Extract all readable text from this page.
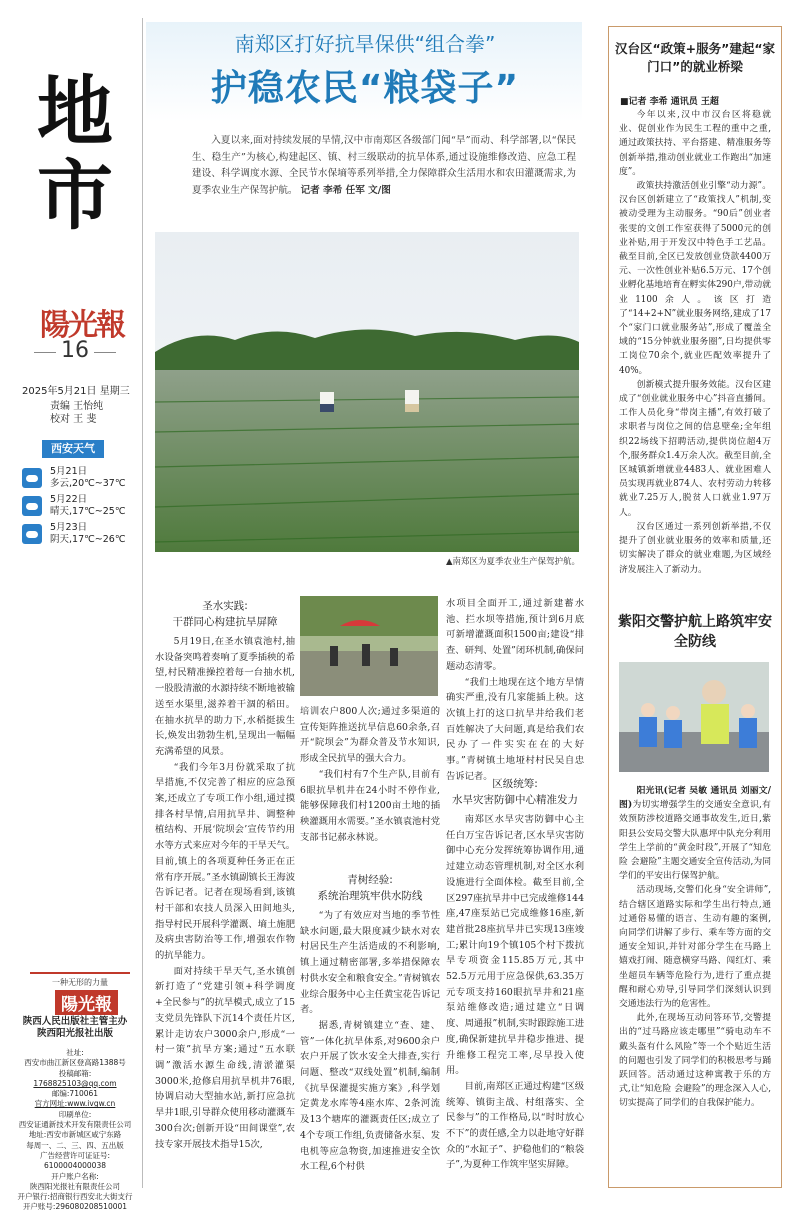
地市
陽光報
16
2025年5月21日 星期三
责编 王怡纯
校对 王 斐
西安天气
5月21日
多云,20℃~37℃
5月22日
晴天,17℃~25℃
5月23日
阴天,17℃~26℃
一种无形的力量
陽光報
陕西人民出版社主管主办
陕西阳光报社出版
社址:
西安市曲江新区登高路1388号
投稿邮箱:
1768825103@qq.com
邮编:710061
官方网址:www.ivgw.cn
印刷单位:
西安证通新技术开发有限责任公司
地址:西安市新城区咸宁东路
每周一、二、三、四、五出版
广告经营许可证证号:
6100004000038
开户账户名称:
陕西阳光报社有限责任公司
开户银行:招商银行西安北大街支行
开户账号:296080208510001
南郑区打好抗旱保供“组合拳”
护稳农民“粮袋子”
入夏以来,面对持续发展的旱情,汉中市南郑区各级部门闻“旱”而动、科学部署,以“保民生、稳生产”为核心,构建起区、镇、村三级联动的抗旱体系,通过设施维修改造、应急工程建设、科学调度水源、全民节水保墒等系列举措,全力保障群众生活用水和农田灌溉需求,为夏季农业生产保驾护航。 记者 李希 任军 文/图
▲南郑区为夏季农业生产保驾护航。
圣水实践:
干群同心构建抗旱屏障

5月19日,在圣水镇袁池村,抽水设备突鸣着奏响了夏季插秧的希望,村民精准操控着每一台抽水机,一股股清澈的水源持续不断地被输送至水渠里,滋养着干涸的稻田。在抽水抗旱的助力下,水稻挺拔生长,焕发出勃勃生机,呈现出一幅幅充满希望的风景。

“我们今年3月份就采取了抗旱措施,不仅完善了相应的应急预案,还成立了专项工作小组,通过摸排各村旱情,启用抗旱井、调整种植结构、开展‘院坝会’宣传节约用水等方式来应对今年的干旱天气。目前,镇上的各项夏种任务正在正常有序开展。”圣水镇副镇长王海波告诉记者。记者在现场看到,该镇村干部和农技人员深入田间地头,指导村民开展科学灌溉、墒土施肥及病虫害防治等工作,增强农作物的抗旱能力。

面对持续干旱天气,圣水镇创新打造了“党建引领+科学调度+全民参与”的抗旱模式,成立了15支党员先锋队下沉14个责任片区,累计走访农户3000余户,形成“一村一策”抗旱方案;通过“五水联调”激活水源生命线,清淤灌渠3000米,抢修启用抗旱机井76眼,协调启动大型抽水站,新打应急抗旱井1眼,引导群众使用移动灌溉车300台次;创新开设“田间课堂”,农技专家开展技术指导15次,

培训农户800人次;通过多渠道的宣传矩阵推送抗旱信息60余条,召开“院坝会”为群众普及节水知识,形成全民抗旱的强大合力。

“我们村有7个生产队,目前有6眼抗旱机井在24小时不停作业,能够保障我们村1200亩土地的插秧灌溉用水需要。”圣水镇袁池村党支部书记郝永林说。

青树经验:
系统治理筑牢供水防线

“为了有效应对当地的季节性缺水问题,最大限度减少缺水对农村居民生产生活造成的不利影响,镇上通过精密部署,多举措保障农村供水安全和粮食安全。”青树镇农业综合服务中心主任黄宝花告诉记者。

据悉,青树镇建立“查、建、管”一体化抗旱体系,对9600余户农户开展了饮水安全大排查,实行问题、整改“双线处置”机制,编制《抗旱保灌提实施方案》,科学划定黄龙水库等4座水库、2条河流及13个塘库的灌溉责任区;成立了4个专项工作组,负责储备水泵、发电机等应急物资,加速推进安全饮水工程,6个村供

水项目全面开工,通过新建蓄水池、拦水坝等措施,预计到6月底可新增灌溉面积1500亩;建设“排查、研判、处置”闭环机制,确保问题动态清零。

“我们土地现在这个地方旱情确实严重,没有几家能插上秧。这次镇上打的这口抗旱井给我们老百姓解决了大问题,真是给我们农民办了一件实实在在的大好事。”青树镇土地垭村村民吴自忠告诉记者。

区级统筹:
水旱灾害防御中心精准发力

南郑区水旱灾害防御中心主任白万宝告诉记者,区水旱灾害防御中心充分发挥统筹协调作用,通过建立动态管理机制,对全区水利设施进行全面体检。截至目前,全区297座抗旱井中已完成维修144座,47座泵站已完成维修16座,新建首批28座抗旱井已实现13座竣工;累计向19个镇105个村下拨抗旱专项资金115.85万元,其中52.5万元用于应急保供,63.35万元专项支持160眼抗旱井和21座泵站维修改造;通过建立“日调度、周通报”机制,实时跟踪施工进度,确保新建抗旱井稳步推进、提升维修工程完工率,尽早投入使用。

目前,南郑区正通过构建“区级统筹、镇街主战、村组落实、全民参与”的工作格局,以“时时放心不下”的责任感,全力以赴地守好群众的“水缸子”、护稳他们的“粮袋子”,为夏种工作筑牢坚实屏障。

汉台区“政策+服务”建起“家门口”的就业桥梁
■记者 李希 通讯员 王超

今年以来,汉中市汉台区将稳就业、促创业作为民生工程的重中之重,通过政策扶持、平台搭建、精准服务等创新举措,推动创业就业工作跑出“加速度”。

政策扶持激活创业引擎“动力源”。汉台区创新建立了“政策找人”机制,变被动受理为主动服务。“90后”创业者张雯的文创工作室获得了5000元的创业补贴,用于开发汉中特色手工艺品。截至目前,全区已发放创业贷款4400万元、一次性创业补贴6.5万元、17个创业孵化基地培育在孵实体290户,带动就业1100余人。该区打造了“14+2+N”就业服务网络,建成了17个“家门口就业服务站”,形成了覆盖全域的“15分钟就业服务圈”,日均提供零工岗位70余个,就业匹配效率提升了40%。

创新模式提升服务效能。汉台区建成了“创业就业服务中心”抖音直播间。工作人员化身“带岗主播”,有效打破了求职者与岗位之间的信息壁垒;全年组织22场线下招聘活动,提供岗位超4万个,服务群众1.4万余人次。截至目前,全区城镇新增就业4483人、就业困难人员实现再就业874人、农村劳动力转移就业7.25万人,脱贫人口就业1.97万人。

汉台区通过一系列创新举措,不仅提升了创业就业服务的效率和质量,还切实解决了群众的就业难题,为区域经济发展注入了新动力。

紫阳交警护航上路筑牢安全防线

阳光讯(记者 吴敏 通讯员 刘丽文/图)为切实增强学生的交通安全意识,有效预防涉校道路交通事故发生,近日,紫阳县公安局交警大队惠坪中队充分利用学生上学前的“黄金时段”,开展了“知危险 会避险”主题交通安全宣传活动,为同学们的平安出行保驾护航。

活动现场,交警们化身“安全讲师”,结合辖区道路实际和学生出行特点,通过通俗易懂的语言、生动有趣的案例,向同学们讲解了步行、乘车等方面的交通安全知识,并针对部分学生在马路上嬉戏打闹、随意横穿马路、闯红灯、乘坐超员车辆等危险行为,进行了重点提醒和耐心劝导,引导同学们深刻认识到交通违法行为的危害性。

此外,在现场互动问答环节,交警提出的“过马路应该走哪里”“骑电动车不戴头盔有什么风险”等一个个贴近生活的问题也引发了同学们的积极思考与踊跃回答。活动通过这种寓教于乐的方式,让“知危险 会避险”的理念深入人心,切实提高了同学们的自我保护能力。
